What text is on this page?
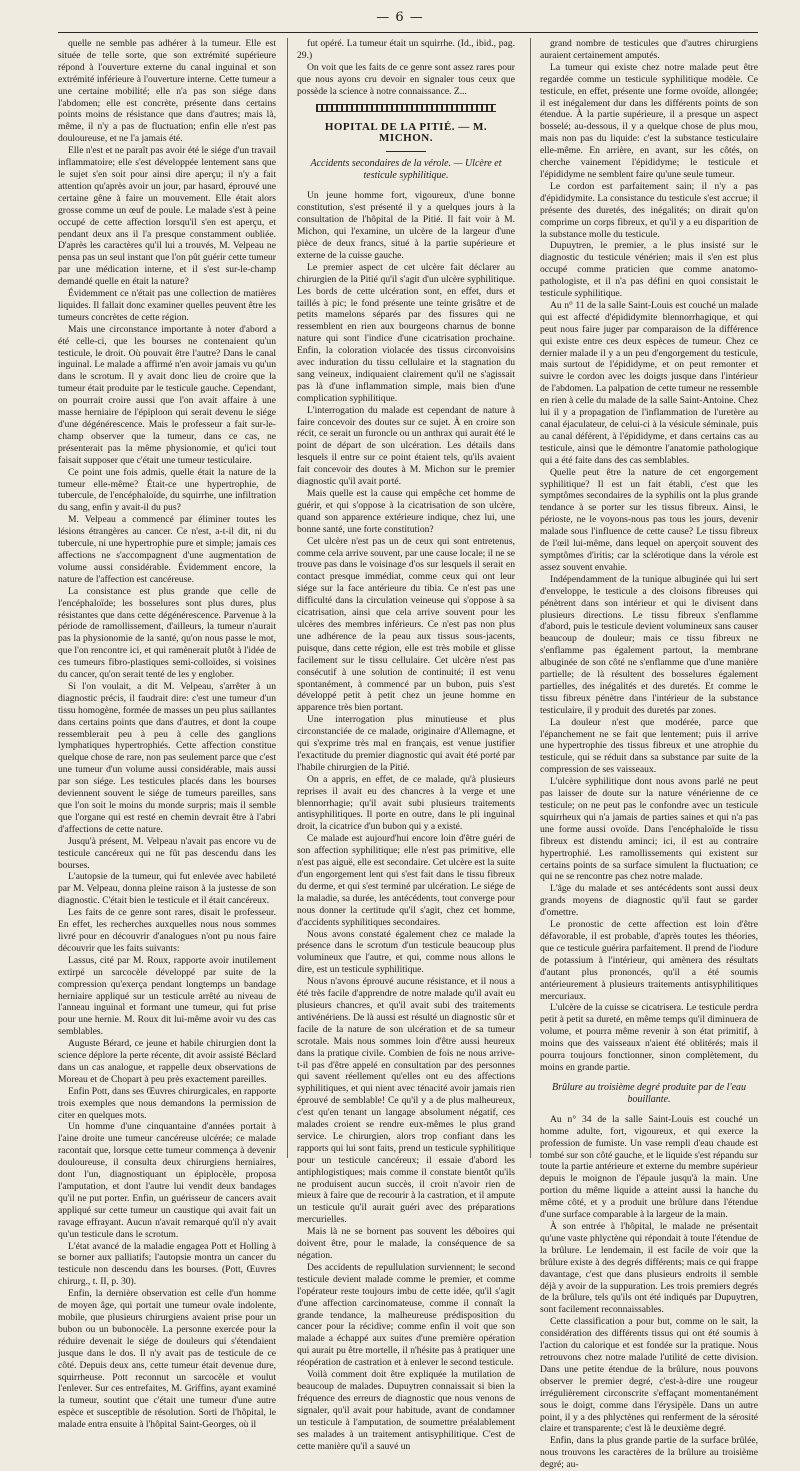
— 6 —

quelle ne semble pas adhérer à la tumeur. Elle est située de telle sorte, que son extrémité supérieure répond à l'ouverture externe du canal inguinal et son extrémité inférieure à l'ouverture interne. Cette tumeur a une certaine mobilité; elle n'a pas son siége dans l'abdomen; elle est concrète, présente dans certains points moins de résistance que dans d'autres; mais là, même, il n'y a pas de fluctuation; enfin elle n'est pas douloureuse, et ne l'a jamais été.

Elle n'est et ne paraît pas avoir été le siége d'un travail inflammatoire; elle s'est développée lentement sans que le sujet s'en soit pour ainsi dire aperçu; il n'y a fait attention qu'après avoir un jour, par hasard, éprouvé une certaine gêne à faire un mouvement. Elle était alors grosse comme un œuf de poule. Le malade s'est à peine occupé de cette affection lorsqu'il s'en est aperçu, et pendant deux ans il l'a presque constamment oubliée. D'après les caractères qu'il lui a trouvés, M. Velpeau ne pensa pas un seul instant que l'on pût guérir cette tumeur par une médication interne, et il s'est sur-le-champ demandé quelle en était la nature?

Évidemment ce n'était pas une collection de matières liquides. Il fallait donc examiner quelles peuvent être les tumeurs concrètes de cette région.

Mais une circonstance importante à noter d'abord a été celle-ci, que les bourses ne contenaient qu'un testicule, le droit. Où pouvait être l'autre? Dans le canal inguinal. Le malade a affirmé n'en avoir jamais vu qu'un dans le scrotum. Il y avait donc lieu de croire que la tumeur était produite par le testicule gauche. Cependant, on pourrait croire aussi que l'on avait affaire à une masse herniaire de l'épiploon qui serait devenu le siége d'une dégénérescence. Mais le professeur a fait sur-le-champ observer que la tumeur, dans ce cas, ne présenterait pas la même physionomie, et qu'ici tout faisait supposer que c'était une tumeur testiculaire.

Ce point une fois admis, quelle était la nature de la tumeur elle-même? Était-ce une hypertrophie, de tubercule, de l'encéphaloïde, du squirrhe, une infiltration du sang, enfin y avait-il du pus?

M. Velpeau a commencé par éliminer toutes les lésions étrangères au cancer. Ce n'est, a-t-il dit, ni du tubercule, ni une hypertrophie pure et simple; jamais ces affections ne s'accompagnent d'une augmentation de volume aussi considérable. Évidemment encore, la nature de l'affection est cancéreuse.

La consistance est plus grande que celle de l'encéphaloïde; les bosselures sont plus dures, plus résistantes que dans cette dégénérescence. Parvenue à la période de ramollissement, d'ailleurs, la tumeur n'aurait pas la physionomie de la santé, qu'on nous passe le mot, que l'on rencontre ici, et qui ramènerait plutôt à l'idée de ces tumeurs fibro-plastiques semi-colloïdes, si voisines du cancer, qu'on serait tenté de les y englober.

Si l'on voulait, a dit M. Velpeau, s'arrêter à un diagnostic précis, il faudrait dire: c'est une tumeur d'un tissu homogène, formée de masses un peu plus saillantes dans certains points que dans d'autres, et dont la coupe ressemblerait peu à peu à celle des ganglions lymphatiques hypertrophiés. Cette affection constitue quelque chose de rare, non pas seulement parce que c'est une tumeur d'un volume aussi considérable, mais aussi par son siége. Les testicules placés dans les bourses deviennent souvent le siége de tumeurs pareilles, sans que l'on soit le moins du monde surpris; mais il semble que l'organe qui est resté en chemin devrait être à l'abri d'affections de cette nature.

Jusqu'à présent, M. Velpeau n'avait pas encore vu de testicule cancéreux qui ne fût pas descendu dans les bourses.

L'autopsie de la tumeur, qui fut enlevée avec habileté par M. Velpeau, donna pleine raison à la justesse de son diagnostic. C'était bien le testicule et il était cancéreux.

Les faits de ce genre sont rares, disait le professeur. En effet, les recherches auxquelles nous nous sommes livré pour en découvrir d'analogues n'ont pu nous faire découvrir que les faits suivants:

Lassus, cité par M. Roux, rapporte avoir inutilement extirpé un sarcocèle développé par suite de la compression qu'exerça pendant longtemps un bandage herniaire appliqué sur un testicule arrêté au niveau de l'anneau inguinal et formant une tumeur, qui fut prise pour une hernie. M. Roux dit lui-même avoir vu des cas semblables.

Auguste Bérard, ce jeune et habile chirurgien dont la science déplore la perte récente, dit avoir assisté Béclard dans un cas analogue, et rappelle deux observations de Moreau et de Chopart à peu près exactement pareilles.

Enfin Pott, dans ses Œuvres chirurgicales, en rapporte trois exemples que nous demandons la permission de citer en quelques mots.

Un homme d'une cinquantaine d'années portait à l'aine droite une tumeur cancéreuse ulcérée; ce malade racontait que, lorsque cette tumeur commença à devenir douloureuse, il consulta deux chirurgiens herniaires, dont l'un, diagnostiquant un épiplocèle, proposa l'amputation, et dont l'autre lui vendit deux bandages qu'il ne put porter. Enfin, un guérisseur de cancers avait appliqué sur cette tumeur un caustique qui avait fait un ravage effrayant. Aucun n'avait remarqué qu'il n'y avait qu'un testicule dans le scrotum.

L'état avancé de la maladie engagea Pott et Holling à se borner aux palliatifs; l'autopsie montra un cancer du testicule non descendu dans les bourses. (Pott, Œuvres chirurg., t. II, p. 30).

Enfin, la dernière observation est celle d'un homme de moyen âge, qui portait une tumeur ovale indolente, mobile, que plusieurs chirurgiens avaient prise pour un bubon ou un bubonocèle. La personne exercée pour la réduire devenait le siége de douleurs qui s'étendaient jusque dans le dos. Il n'y avait pas de testicule de ce côté. Depuis deux ans, cette tumeur était devenue dure, squirrheuse. Pott reconnut un sarcocèle et voulut l'enlever. Sur ces entrefaites, M. Griffins, ayant examiné la tumeur, soutint que c'était une tumeur d'une autre espèce et susceptible de résolution. Sorti de l'hôpital, le malade entra ensuite à l'hôpital Saint-Georges, où il

fut opéré. La tumeur était un squirrhe. (Id., ibid., pag. 29.)

On voit que les faits de ce genre sont assez rares pour que nous ayons cru devoir en signaler tous ceux que possède la science à notre connaissance. Z...

HOPITAL DE LA PITIÉ. — M. MICHON.
Accidents secondaires de la vérole. — Ulcère et testicule syphilitique.

Un jeune homme fort, vigoureux, d'une bonne constitution, s'est présenté il y a quelques jours à la consultation de l'hôpital de la Pitié. Il fait voir à M. Michon, qui l'examine, un ulcère de la largeur d'une pièce de deux francs, situé à la partie supérieure et externe de la cuisse gauche.

Le premier aspect de cet ulcère fait déclarer au chirurgien de la Pitié qu'il s'agit d'un ulcère syphilitique. Les bords de cette ulcération sont, en effet, durs et taillés à pic; le fond présente une teinte grisâtre et de petits mamelons séparés par des fissures qui ne ressemblent en rien aux bourgeons charnus de bonne nature qui sont l'indice d'une cicatrisation prochaine. Enfin, la coloration violacée des tissus circonvoisins avec induration du tissu cellulaire et la stagnation du sang veineux, indiquaient clairement qu'il ne s'agissait pas là d'une inflammation simple, mais bien d'une complication syphilitique.

L'interrogation du malade est cependant de nature à faire concevoir des doutes sur ce sujet. À en croire son récit, ce serait un furoncle ou un anthrax qui aurait été le point de départ de son ulcération. Les détails dans lesquels il entre sur ce point étaient tels, qu'ils avaient fait concevoir des doutes à M. Michon sur le premier diagnostic qu'il avait porté.

Mais quelle est la cause qui empêche cet homme de guérir, et qui s'oppose à la cicatrisation de son ulcère, quand son apparence extérieure indique, chez lui, une bonne santé, une forte constitution?

Cet ulcère n'est pas un de ceux qui sont entretenus, comme cela arrive souvent, par une cause locale; il ne se trouve pas dans le voisinage d'os sur lesquels il serait en contact presque immédiat, comme ceux qui ont leur siége sur la face antérieure du tibia. Ce n'est pas une difficulté dans la circulation veineuse qui s'oppose à sa cicatrisation, ainsi que cela arrive souvent pour les ulcères des membres inférieurs. Ce n'est pas non plus une adhérence de la peau aux tissus sous-jacents, puisque, dans cette région, elle est très mobile et glisse facilement sur le tissu cellulaire. Cet ulcère n'est pas consécutif à une solution de continuité; il est venu spontanément, à commencé par un bubon, puis s'est développé petit à petit chez un jeune homme en apparence très bien portant.

Une interrogation plus minutieuse et plus circonstanciée de ce malade, originaire d'Allemagne, et qui s'exprime très mal en français, est venue justifier l'exactitude du premier diagnostic qui avait été porté par l'habile chirurgien de la Pitié.

On a appris, en effet, de ce malade, qu'à plusieurs reprises il avait eu des chancres à la verge et une blennorrhagie; qu'il avait subi plusieurs traitements antisyphilitiques. Il porte en outre, dans le pli inguinal droit, la cicatrice d'un bubon qui y a existé.

Ce malade est aujourd'hui encore loin d'être guéri de son affection syphilitique; elle n'est pas primitive, elle n'est pas aiguë, elle est secondaire. Cet ulcère est la suite d'un engorgement lent qui s'est fait dans le tissu fibreux du derme, et qui s'est terminé par ulcération. Le siége de la maladie, sa durée, les antécédents, tout converge pour nous donner la certitude qu'il s'agit, chez cet homme, d'accidents syphilitiques secondaires.

Nous avons constaté également chez ce malade la présence dans le scrotum d'un testicule beaucoup plus volumineux que l'autre, et qui, comme nous allons le dire, est un testicule syphilitique.

Nous n'avons éprouvé aucune résistance, et il nous a été très facile d'apprendre de notre malade qu'il avait eu plusieurs chancres, et qu'il avait subi des traitements antivénériens. De là aussi est résulté un diagnostic sûr et facile de la nature de son ulcération et de sa tumeur scrotale. Mais nous sommes loin d'être aussi heureux dans la pratique civile. Combien de fois ne nous arrive-t-il pas d'être appelé en consultation par des personnes qui savent réellement qu'elles ont eu des affections syphilitiques, et qui nient avec ténacité avoir jamais rien éprouvé de semblable! Ce qu'il y a de plus malheureux, c'est qu'en tenant un langage absolument négatif, ces malades croient se rendre eux-mêmes le plus grand service. Le chirurgien, alors trop confiant dans les rapports qui lui sont faits, prend un testicule syphilitique pour un testicule cancéreux; il essaie d'abord les antiphlogistiques; mais comme il constate bientôt qu'ils ne produisent aucun succès, il croit n'avoir rien de mieux à faire que de recourir à la castration, et il ampute un testicule qu'il aurait guéri avec des préparations mercurielles.

Mais là ne se bornent pas souvent les déboires qui doivent être, pour le malade, la conséquence de sa négation.

Des accidents de repullulation surviennent; le second testicule devient malade comme le premier, et comme l'opérateur reste toujours imbu de cette idée, qu'il s'agit d'une affection carcinomateuse, comme il connaît la grande tendance, la malheureuse prédisposition du cancer pour la récidive; comme enfin il voit que son malade a échappé aux suites d'une première opération qui aurait pu être mortelle, il n'hésite pas à pratiquer une réopération de castration et à enlever le second testicule.

Voilà comment doit être expliquée la mutilation de beaucoup de malades. Dupuytren connaissait si bien la fréquence des erreurs de diagnostic que nous venons de signaler, qu'il avait pour habitude, avant de condamner un testicule à l'amputation, de soumettre préalablement ses malades à un traitement antisyphilitique. C'est de cette manière qu'il a sauvé un

grand nombre de testicules que d'autres chirurgiens auraient certainement amputés.

La tumeur qui existe chez notre malade peut être regardée comme un testicule syphilitique modèle. Ce testicule, en effet, présente une forme ovoïde, allongée; il est inégalement dur dans les différents points de son étendue. À la partie supérieure, il a presque un aspect bosselé; au-dessous, il y a quelque chose de plus mou, mais non pas du liquide: c'est la substance testiculaire elle-même. En arrière, en avant, sur les côtés, on cherche vainement l'épididyme; le testicule et l'épididyme ne semblent faire qu'une seule tumeur.

Le cordon est parfaitement sain; il n'y a pas d'épididymite. La consistance du testicule s'est accrue; il présente des duretés, des inégalités; on dirait qu'on comprime un corps fibreux, et qu'il y a eu disparition de la substance molle du testicule.

Dupuytren, le premier, a le plus insisté sur le diagnostic du testicule vénérien; mais il s'en est plus occupé comme praticien que comme anatomo-pathologiste, et il n'a pas défini en quoi consistait le testicule syphilitique.

Au n° 11 de la salle Saint-Louis est couché un malade qui est affecté d'épididymite blennorrhagique, et qui peut nous faire juger par comparaison de la différence qui existe entre ces deux espèces de tumeur. Chez ce dernier malade il y a un peu d'engorgement du testicule, mais surtout de l'épididyme, et on peut remonter et suivre le cordon avec les doigts jusque dans l'intérieur de l'abdomen. La palpation de cette tumeur ne ressemble en rien à celle du malade de la salle Saint-Antoine. Chez lui il y a propagation de l'inflammation de l'uretère au canal éjaculateur, de celui-ci à la vésicule séminale, puis au canal déférent, à l'épididyme, et dans certains cas au testicule, ainsi que le démontre l'anatomie pathologique qui a été faite dans des cas semblables.

Quelle peut être la nature de cet engorgement syphilitique? Il est un fait établi, c'est que les symptômes secondaires de la syphilis ont la plus grande tendance à se porter sur les tissus fibreux. Ainsi, le périoste, ne le voyons-nous pas tous les jours, devenir malade sous l'influence de cette cause? Le tissu fibreux de l'œil lui-même, dans lequel on aperçoit souvent des symptômes d'iritis; car la sclérotique dans la vérole est assez souvent envahie.

Indépendamment de la tunique albuginée qui lui sert d'enveloppe, le testicule a des cloisons fibreuses qui pénètrent dans son intérieur et qui le divisent dans plusieurs directions. Le tissu fibreux s'enflamme d'abord, puis le testicule devient volumineux sans causer beaucoup de douleur; mais ce tissu fibreux ne s'enflamme pas également partout, la membrane albuginée de son côté ne s'enflamme que d'une manière partielle; de là résultent des bosselures également partielles, des inégalités et des duretés. Et comme le tissu fibreux pénètre dans l'intérieur de la substance testiculaire, il y produit des duretés par zones.

La douleur n'est que modérée, parce que l'épanchement ne se fait que lentement; puis il arrive une hypertrophie des tissus fibreux et une atrophie du testicule, qui se réduit dans sa substance par suite de la compression de ses vaisseaux.

L'ulcère syphilitique dont nous avons parlé ne peut pas laisser de doute sur la nature vénérienne de ce testicule; on ne peut pas le confondre avec un testicule squirrheux qui n'a jamais de parties saines et qui n'a pas une forme aussi ovoïde. Dans l'encéphaloïde le tissu fibreux est distendu aminci; ici, il est au contraire hypertrophié. Les ramollissements qui existent sur certains points de sa surface simulent la fluctuation; ce qui ne se rencontre pas chez notre malade.

L'âge du malade et ses antécédents sont aussi deux grands moyens de diagnostic qu'il faut se garder d'omettre.

Le pronostic de cette affection est loin d'être défavorable, il est probable, d'après toutes les théories, que ce testicule guérira parfaitement. Il prend de l'iodure de potassium à l'intérieur, qui amènera des résultats d'autant plus prononcés, qu'il a été soumis antérieurement à plusieurs traitements antisyphilitiques mercuriaux.

L'ulcère de la cuisse se cicatrisera. Le testicule perdra petit à petit sa dureté, en même temps qu'il diminuera de volume, et pourra même revenir à son état primitif, à moins que des vaisseaux n'aient été oblitérés; mais il pourra toujours fonctionner, sinon complètement, du moins en grande partie.

Brûlure au troisième degré produite par de l'eau bouillante.

Au n° 34 de la salle Saint-Louis est couché un homme adulte, fort, vigoureux, et qui exerce la profession de fumiste. Un vase rempli d'eau chaude est tombé sur son côté gauche, et le liquide s'est répandu sur toute la partie antérieure et externe du membre supérieur depuis le moignon de l'épaule jusqu'à la main. Une portion du même liquide a atteint aussi la hanche du même côté, et y a produit une brûlure dans l'étendue d'une surface comparable à la largeur de la main.

À son entrée à l'hôpital, le malade ne présentait qu'une vaste phlyctène qui répondait à toute l'étendue de la brûlure. Le lendemain, il est facile de voir que la brûlure existe à des degrés différents; mais ce qui frappe davantage, c'est que dans plusieurs endroits il semble déjà y avoir de la suppuration. Les trois premiers degrés de la brûlure, tels qu'ils ont été indiqués par Dupuytren, sont facilement reconnaissables.

Cette classification a pour but, comme on le sait, la considération des différents tissus qui ont été soumis à l'action du calorique et est fondée sur la pratique. Nous retrouvons chez notre malade l'utilité de cette division. Dans une petite étendue de la brûlure, nous pouvons observer le premier degré, c'est-à-dire une rougeur irrégulièrement circonscrite s'effaçant momentanément sous le doigt, comme dans l'érysipèle. Dans un autre point, il y a des phlyctènes qui renferment de la sérosité claire et transparente; c'est là le deuxième degré.

Enfin, dans la plus grande partie de la surface brûlée, nous trouvons les caractères de la brûlure au troisième degré; au-
